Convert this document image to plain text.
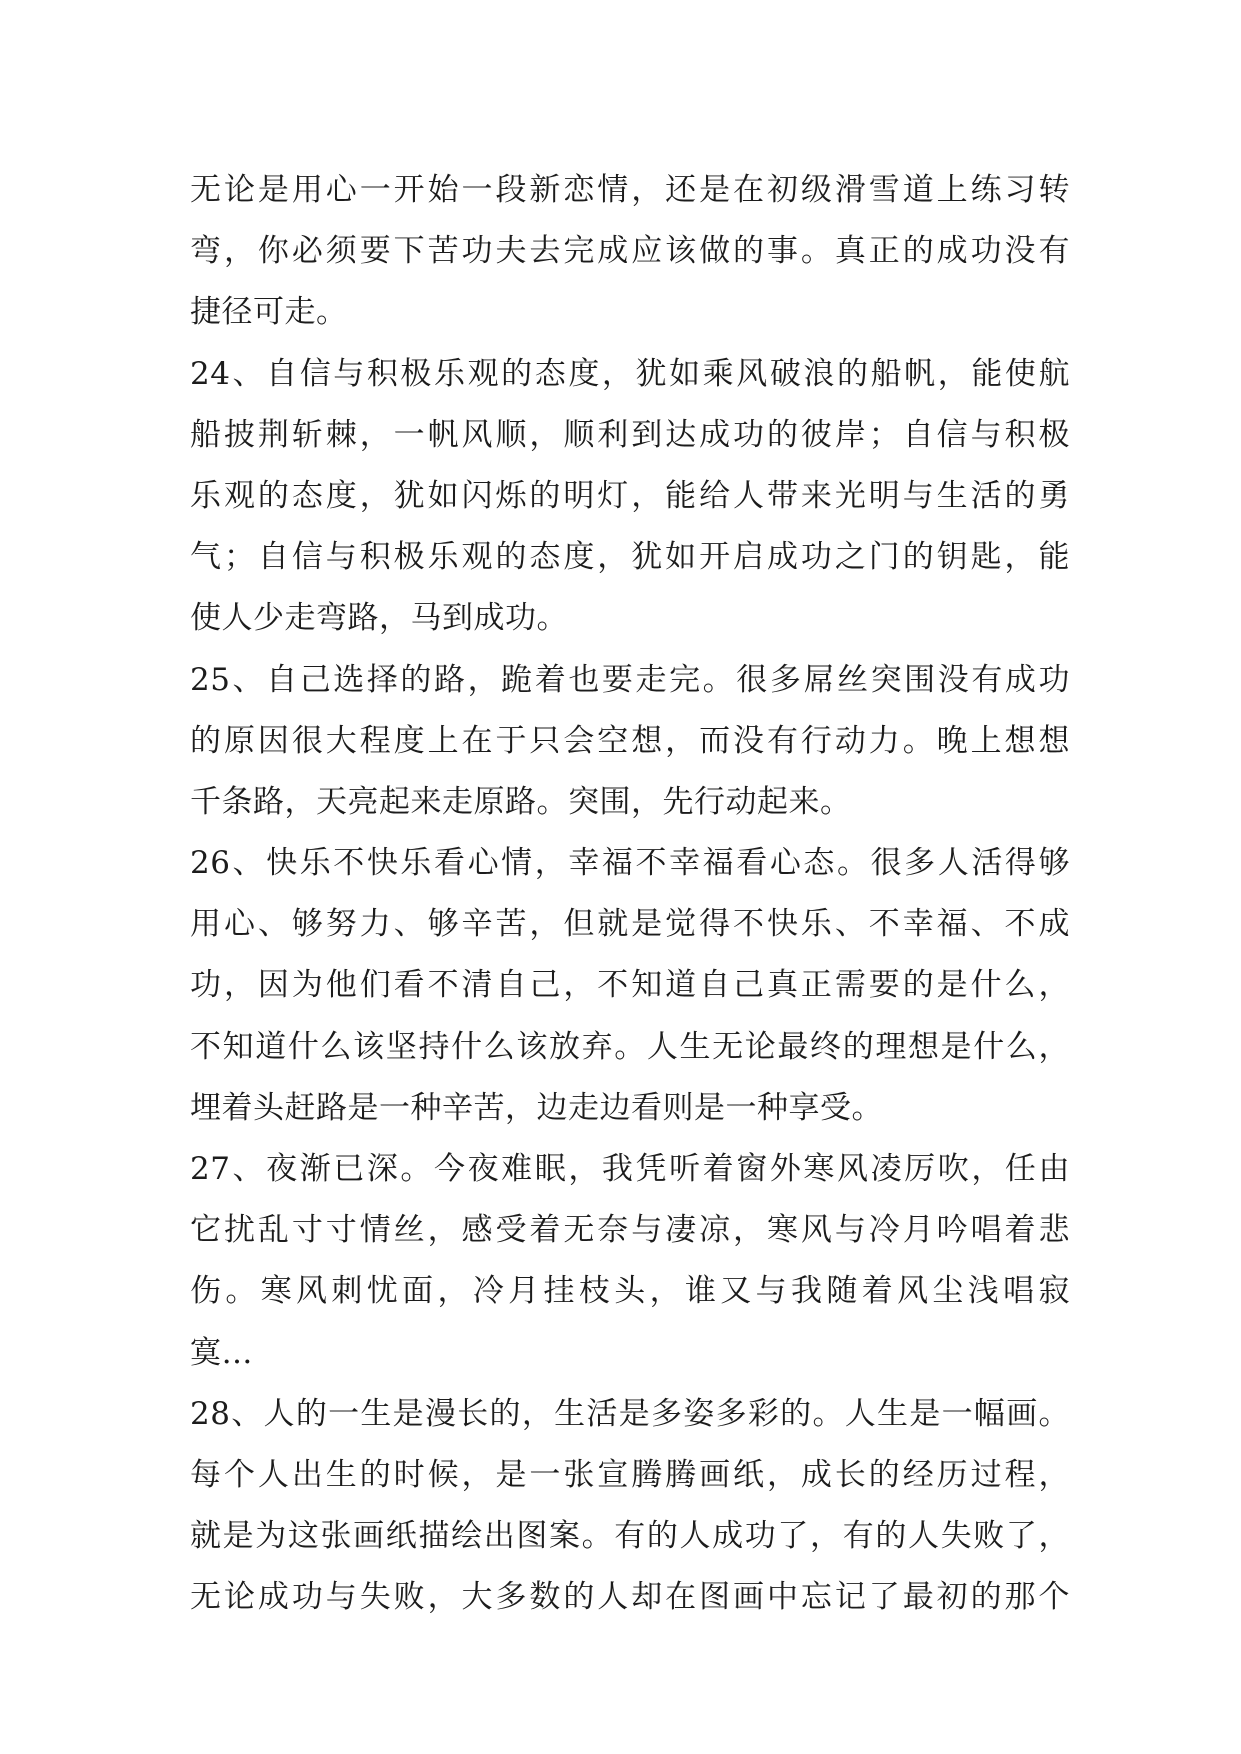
无论是用心一开始一段新恋情，还是在初级滑雪道上练习转
弯，你必须要下苦功夫去完成应该做的事。真正的成功没有
捷径可走。
24、自信与积极乐观的态度，犹如乘风破浪的船帆，能使航
船披荆斩棘，一帆风顺，顺利到达成功的彼岸；自信与积极
乐观的态度，犹如闪烁的明灯，能给人带来光明与生活的勇
气；自信与积极乐观的态度，犹如开启成功之门的钥匙，能
使人少走弯路，马到成功。
25、自己选择的路，跪着也要走完。很多屌丝突围没有成功
的原因很大程度上在于只会空想，而没有行动力。晚上想想
千条路，天亮起来走原路。突围，先行动起来。
26、快乐不快乐看心情，幸福不幸福看心态。很多人活得够
用心、够努力、够辛苦，但就是觉得不快乐、不幸福、不成
功，因为他们看不清自己，不知道自己真正需要的是什么，
不知道什么该坚持什么该放弃。人生无论最终的理想是什么，
埋着头赶路是一种辛苦，边走边看则是一种享受。
27、夜渐已深。今夜难眠，我凭听着窗外寒风凌厉吹，任由
它扰乱寸寸情丝，感受着无奈与凄凉，寒风与冷月吟唱着悲
伤。寒风刺忧面，冷月挂枝头，谁又与我随着风尘浅唱寂
寞…
28、人的一生是漫长的，生活是多姿多彩的。人生是一幅画。
每个人出生的时候，是一张宣腾腾画纸，成长的经历过程，
就是为这张画纸描绘出图案。有的人成功了，有的人失败了，
无论成功与失败，大多数的人却在图画中忘记了最初的那个
